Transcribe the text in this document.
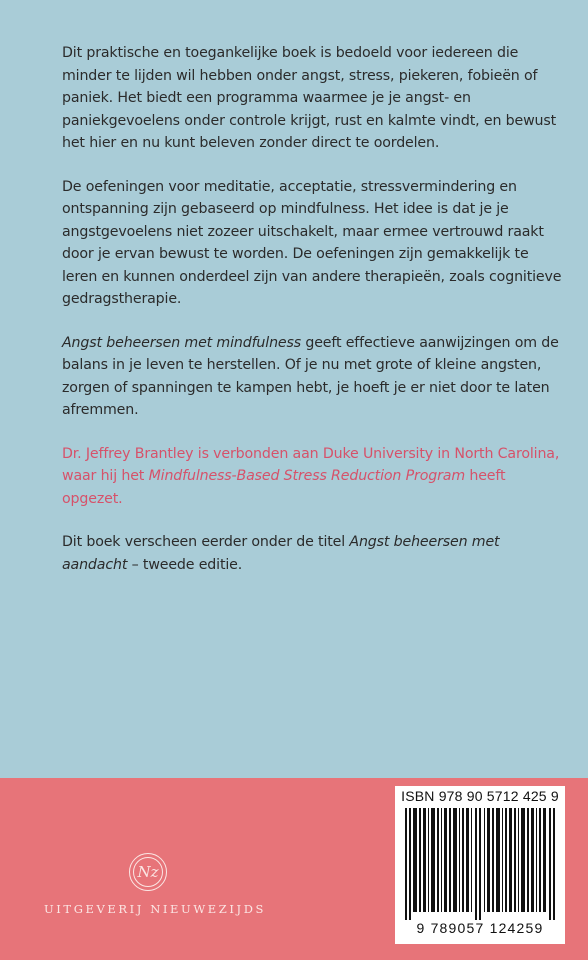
Dit praktische en toegankelijke boek is bedoeld voor iedereen die minder te lijden wil hebben onder angst, stress, piekeren, fobieën of paniek. Het biedt een programma waarmee je je angst- en paniekgevoelens onder controle krijgt, rust en kalmte vindt, en bewust het hier en nu kunt beleven zonder direct te oordelen.

De oefeningen voor meditatie, acceptatie, stressvermindering en ontspanning zijn gebaseerd op mindfulness. Het idee is dat je je angstgevoelens niet zozeer uitschakelt, maar ermee vertrouwd raakt door je ervan bewust te worden. De oefeningen zijn gemakkelijk te leren en kunnen onderdeel zijn van andere therapieën, zoals cognitieve gedragstherapie.

Angst beheersen met mindfulness geeft effectieve aanwijzingen om de balans in je leven te herstellen. Of je nu met grote of kleine angsten, zorgen of spanningen te kampen hebt, je hoeft je er niet door te laten afremmen.

Dr. Jeffrey Brantley is verbonden aan Duke University in North Carolina, waar hij het Mindfulness-Based Stress Reduction Program heeft opgezet.

Dit boek verscheen eerder onder de titel Angst beheersen met aandacht – tweede editie.

Nz
UITGEVERIJ NIEUWEZIJDS
ISBN 978 90 5712 425 9
9 789057 124259
